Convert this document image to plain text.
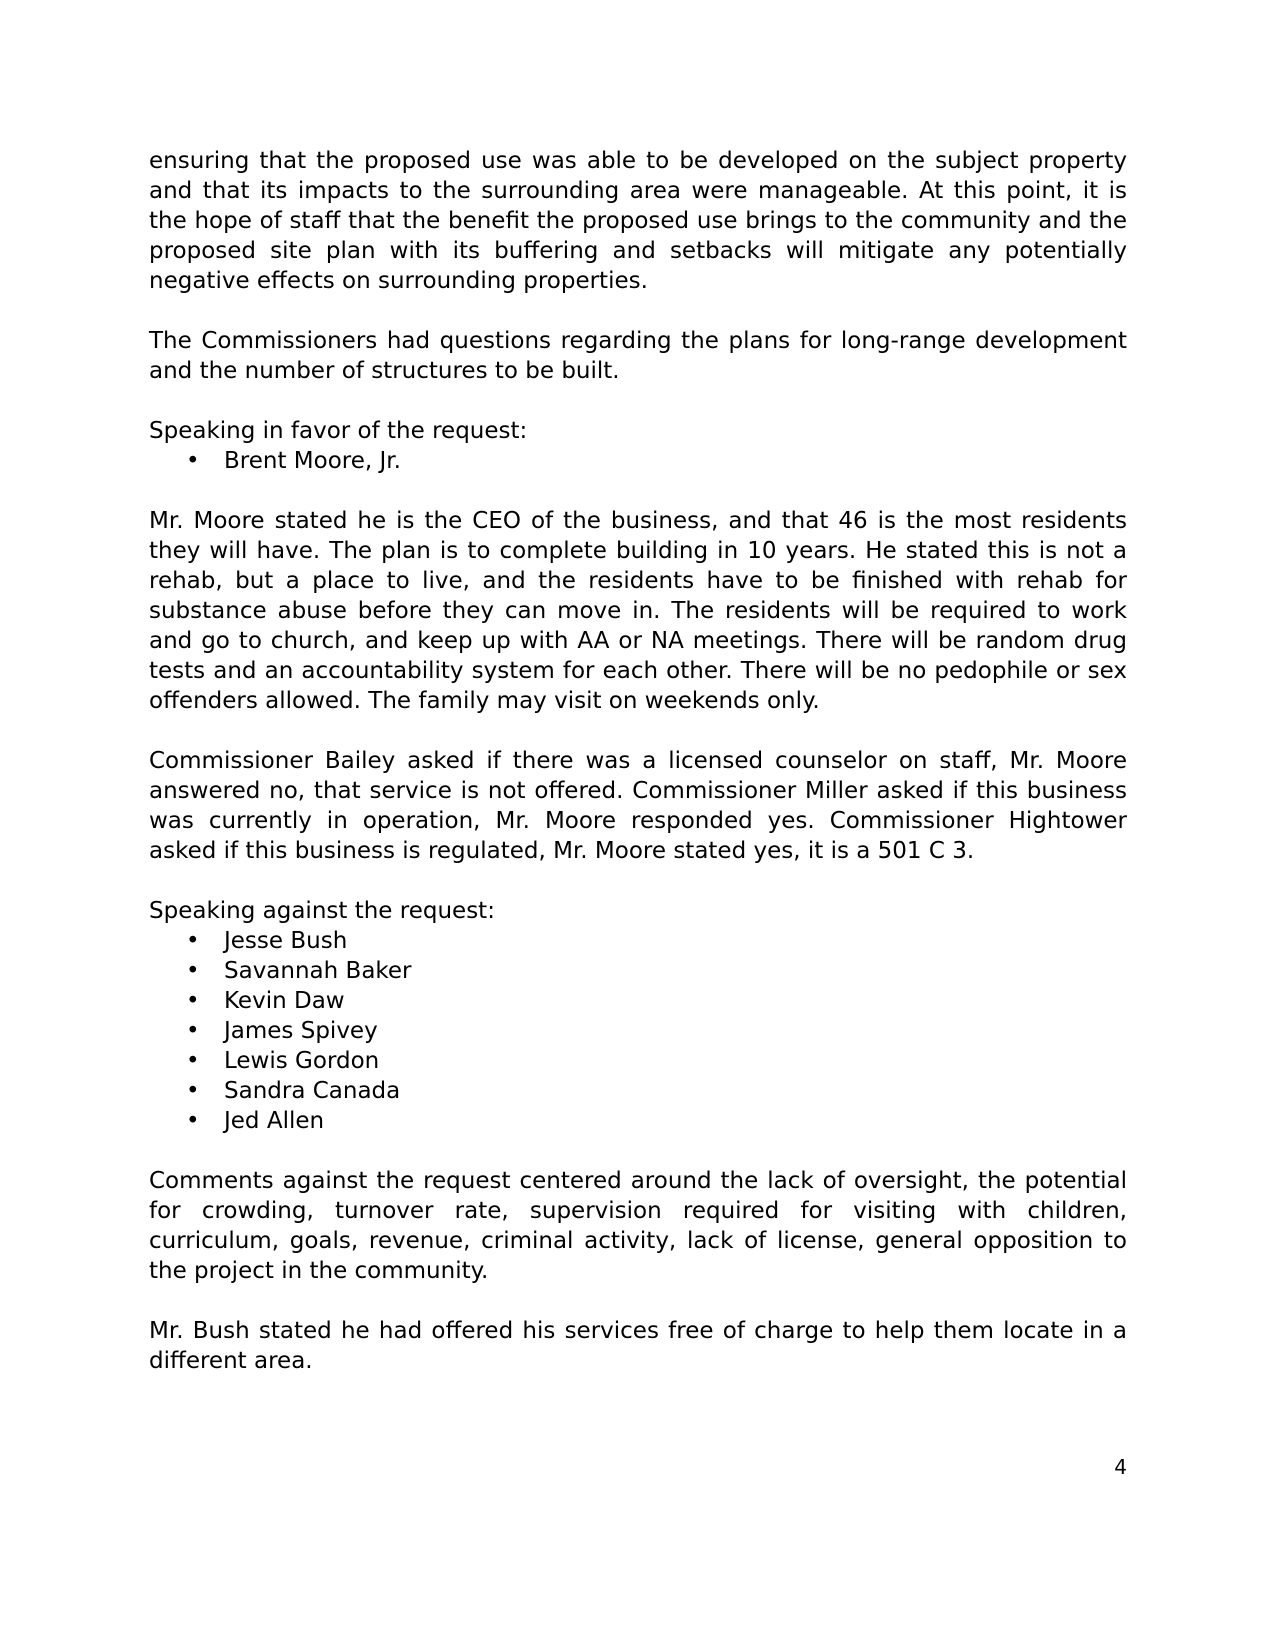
ensuring that the proposed use was able to be developed on the subject property and that its impacts to the surrounding area were manageable. At this point, it is the hope of staff that the benefit the proposed use brings to the community and the proposed site plan with its buffering and setbacks will mitigate any potentially negative effects on surrounding properties.

The Commissioners had questions regarding the plans for long-range development and the number of structures to be built.

Speaking in favor of the request:

• Brent Moore, Jr.

Mr. Moore stated he is the CEO of the business, and that 46 is the most residents they will have. The plan is to complete building in 10 years. He stated this is not a rehab, but a place to live, and the residents have to be finished with rehab for substance abuse before they can move in. The residents will be required to work and go to church, and keep up with AA or NA meetings. There will be random drug tests and an accountability system for each other. There will be no pedophile or sex offenders allowed. The family may visit on weekends only.

Commissioner Bailey asked if there was a licensed counselor on staff, Mr. Moore answered no, that service is not offered. Commissioner Miller asked if this business was currently in operation, Mr. Moore responded yes. Commissioner Hightower asked if this business is regulated, Mr. Moore stated yes, it is a 501 C 3.

Speaking against the request:

• Jesse Bush
• Savannah Baker
• Kevin Daw
• James Spivey
• Lewis Gordon
• Sandra Canada
• Jed Allen

Comments against the request centered around the lack of oversight, the potential for crowding, turnover rate, supervision required for visiting with children, curriculum, goals, revenue, criminal activity, lack of license, general opposition to the project in the community.

Mr. Bush stated he had offered his services free of charge to help them locate in a different area.

4
